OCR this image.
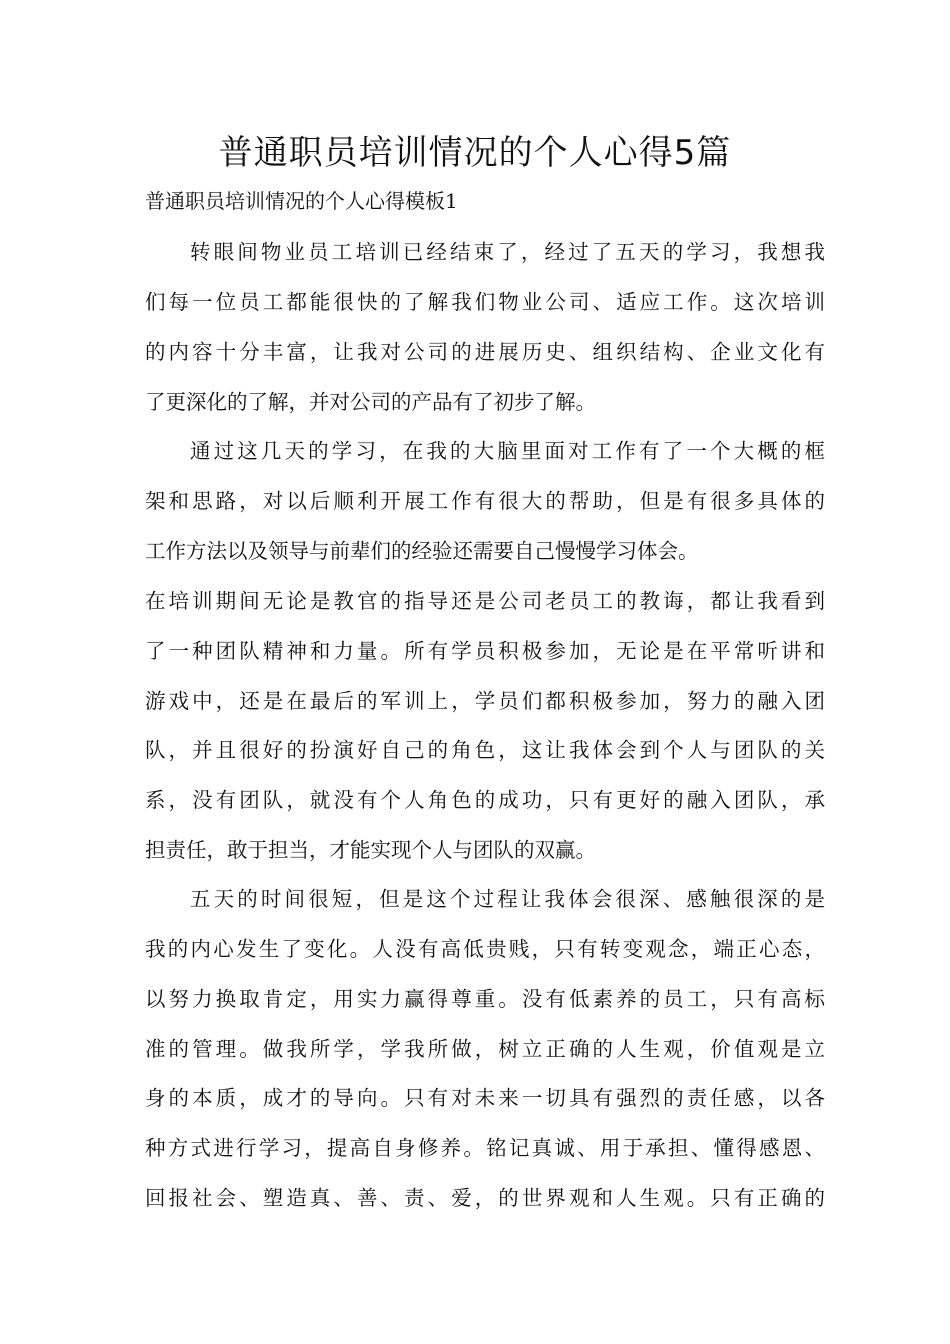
普通职员培训情况的个人心得5篇

普通职员培训情况的个人心得模板1

转眼间物业员工培训已经结束了，经过了五天的学习，我想我

们每一位员工都能很快的了解我们物业公司、适应工作。这次培训

的内容十分丰富，让我对公司的进展历史、组织结构、企业文化有

了更深化的了解，并对公司的产品有了初步了解。

通过这几天的学习，在我的大脑里面对工作有了一个大概的框

架和思路，对以后顺利开展工作有很大的帮助，但是有很多具体的

工作方法以及领导与前辈们的经验还需要自己慢慢学习体会。

在培训期间无论是教官的指导还是公司老员工的教诲，都让我看到

了一种团队精神和力量。所有学员积极参加，无论是在平常听讲和

游戏中，还是在最后的军训上，学员们都积极参加，努力的融入团

队，并且很好的扮演好自己的角色，这让我体会到个人与团队的关

系，没有团队，就没有个人角色的成功，只有更好的融入团队，承

担责任，敢于担当，才能实现个人与团队的双赢。

五天的时间很短，但是这个过程让我体会很深、感触很深的是

我的内心发生了变化。人没有高低贵贱，只有转变观念，端正心态，

以努力换取肯定，用实力赢得尊重。没有低素养的员工，只有高标

准的管理。做我所学，学我所做，树立正确的人生观，价值观是立

身的本质，成才的导向。只有对未来一切具有强烈的责任感，以各

种方式进行学习，提高自身修养。铭记真诚、用于承担、懂得感恩、

回报社会、塑造真、善、责、爱，的世界观和人生观。只有正确的
